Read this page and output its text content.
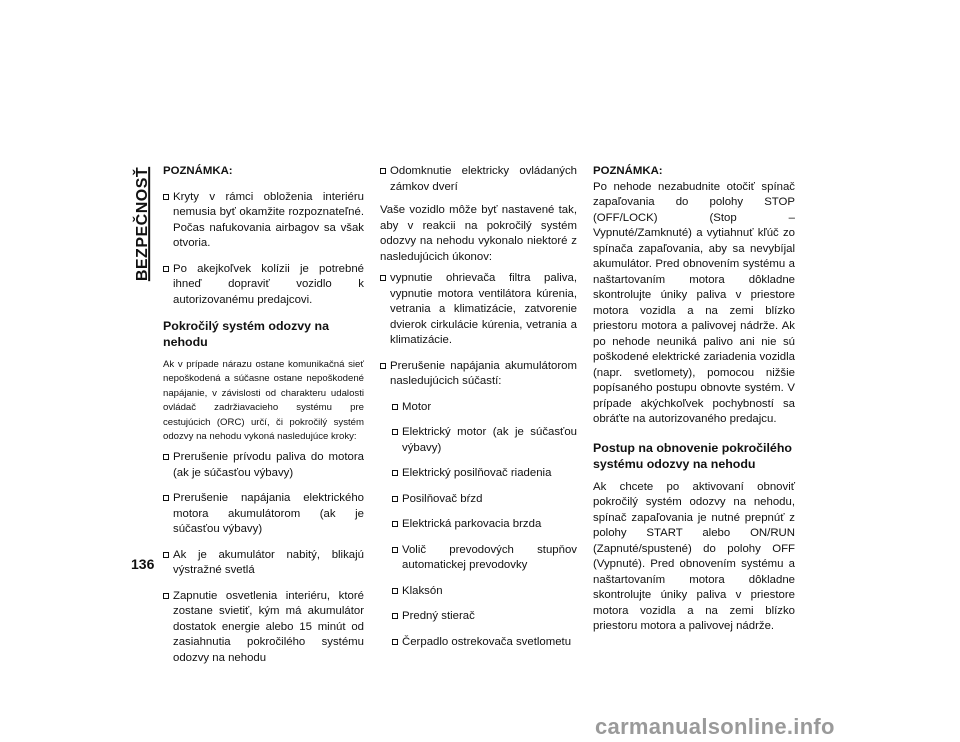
BEZPEČNOSŤ
136
POZNÁMKA:
Kryty v rámci obloženia interiéru nemusia byť okamžite rozpoznateľné. Počas nafukovania airbagov sa však otvoria.
Po akejkoľvek kolízii je potrebné ihneď dopraviť vozidlo k autorizovanému predajcovi.
Pokročilý systém odozvy na nehodu
Ak v prípade nárazu ostane komunikačná sieť nepoškodená a súčasne ostane nepoškodené napájanie, v závislosti od charakteru udalosti ovládač zadržiavacieho systému pre cestujúcich (ORC) určí, či pokročilý systém odozvy na nehodu vykoná nasledujúce kroky:
Prerušenie prívodu paliva do motora (ak je súčasťou výbavy)
Prerušenie napájania elektrického motora akumulátorom (ak je súčasťou výbavy)
Ak je akumulátor nabitý, blikajú výstražné svetlá
Zapnutie osvetlenia interiéru, ktoré zostane svietiť, kým má akumulátor dostatok energie alebo 15 minút od zasiahnutia pokročilého systému odozvy na nehodu
Odomknutie elektricky ovládaných zámkov dverí
Vaše vozidlo môže byť nastavené tak, aby v reakcii na pokročilý systém odozvy na nehodu vykonalo niektoré z nasledujúcich úkonov:
vypnutie ohrievača filtra paliva, vypnutie motora ventilátora kúrenia, vetrania a klimatizácie, zatvorenie dvierok cirkulácie kúrenia, vetrania a klimatizácie.
Prerušenie napájania akumulátorom nasledujúcich súčastí:
Motor
Elektrický motor (ak je súčasťou výbavy)
Elektrický posilňovač riadenia
Posilňovač bŕzd
Elektrická parkovacia brzda
Volič prevodových stupňov automatickej prevodovky
Klaksón
Predný stierač
Čerpadlo ostrekovača svetlometu
POZNÁMKA:
Po nehode nezabudnite otočiť spínač zapaľovania do polohy STOP (OFF/LOCK) (Stop – Vypnuté/Zamknuté) a vytiahnuť kľúč zo spínača zapaľovania, aby sa nevybíjal akumulátor. Pred obnovením systému a naštartovaním motora dôkladne skontrolujte úniky paliva v priestore motora vozidla a na zemi blízko priestoru motora a palivovej nádrže. Ak po nehode neuniká palivo ani nie sú poškodené elektrické zariadenia vozidla (napr. svetlomety), pomocou nižšie popísaného postupu obnovte systém. V prípade akýchkoľvek pochybností sa obráťte na autorizovaného predajcu.
Postup na obnovenie pokročilého systému odozvy na nehodu
Ak chcete po aktivovaní obnoviť pokročilý systém odozvy na nehodu, spínač zapaľovania je nutné prepnúť z polohy START alebo ON/RUN (Zapnuté/spustené) do polohy OFF (Vypnuté). Pred obnovením systému a naštartovaním motora dôkladne skontrolujte úniky paliva v priestore motora vozidla a na zemi blízko priestoru motora a palivovej nádrže.
carmanualsonline.info
